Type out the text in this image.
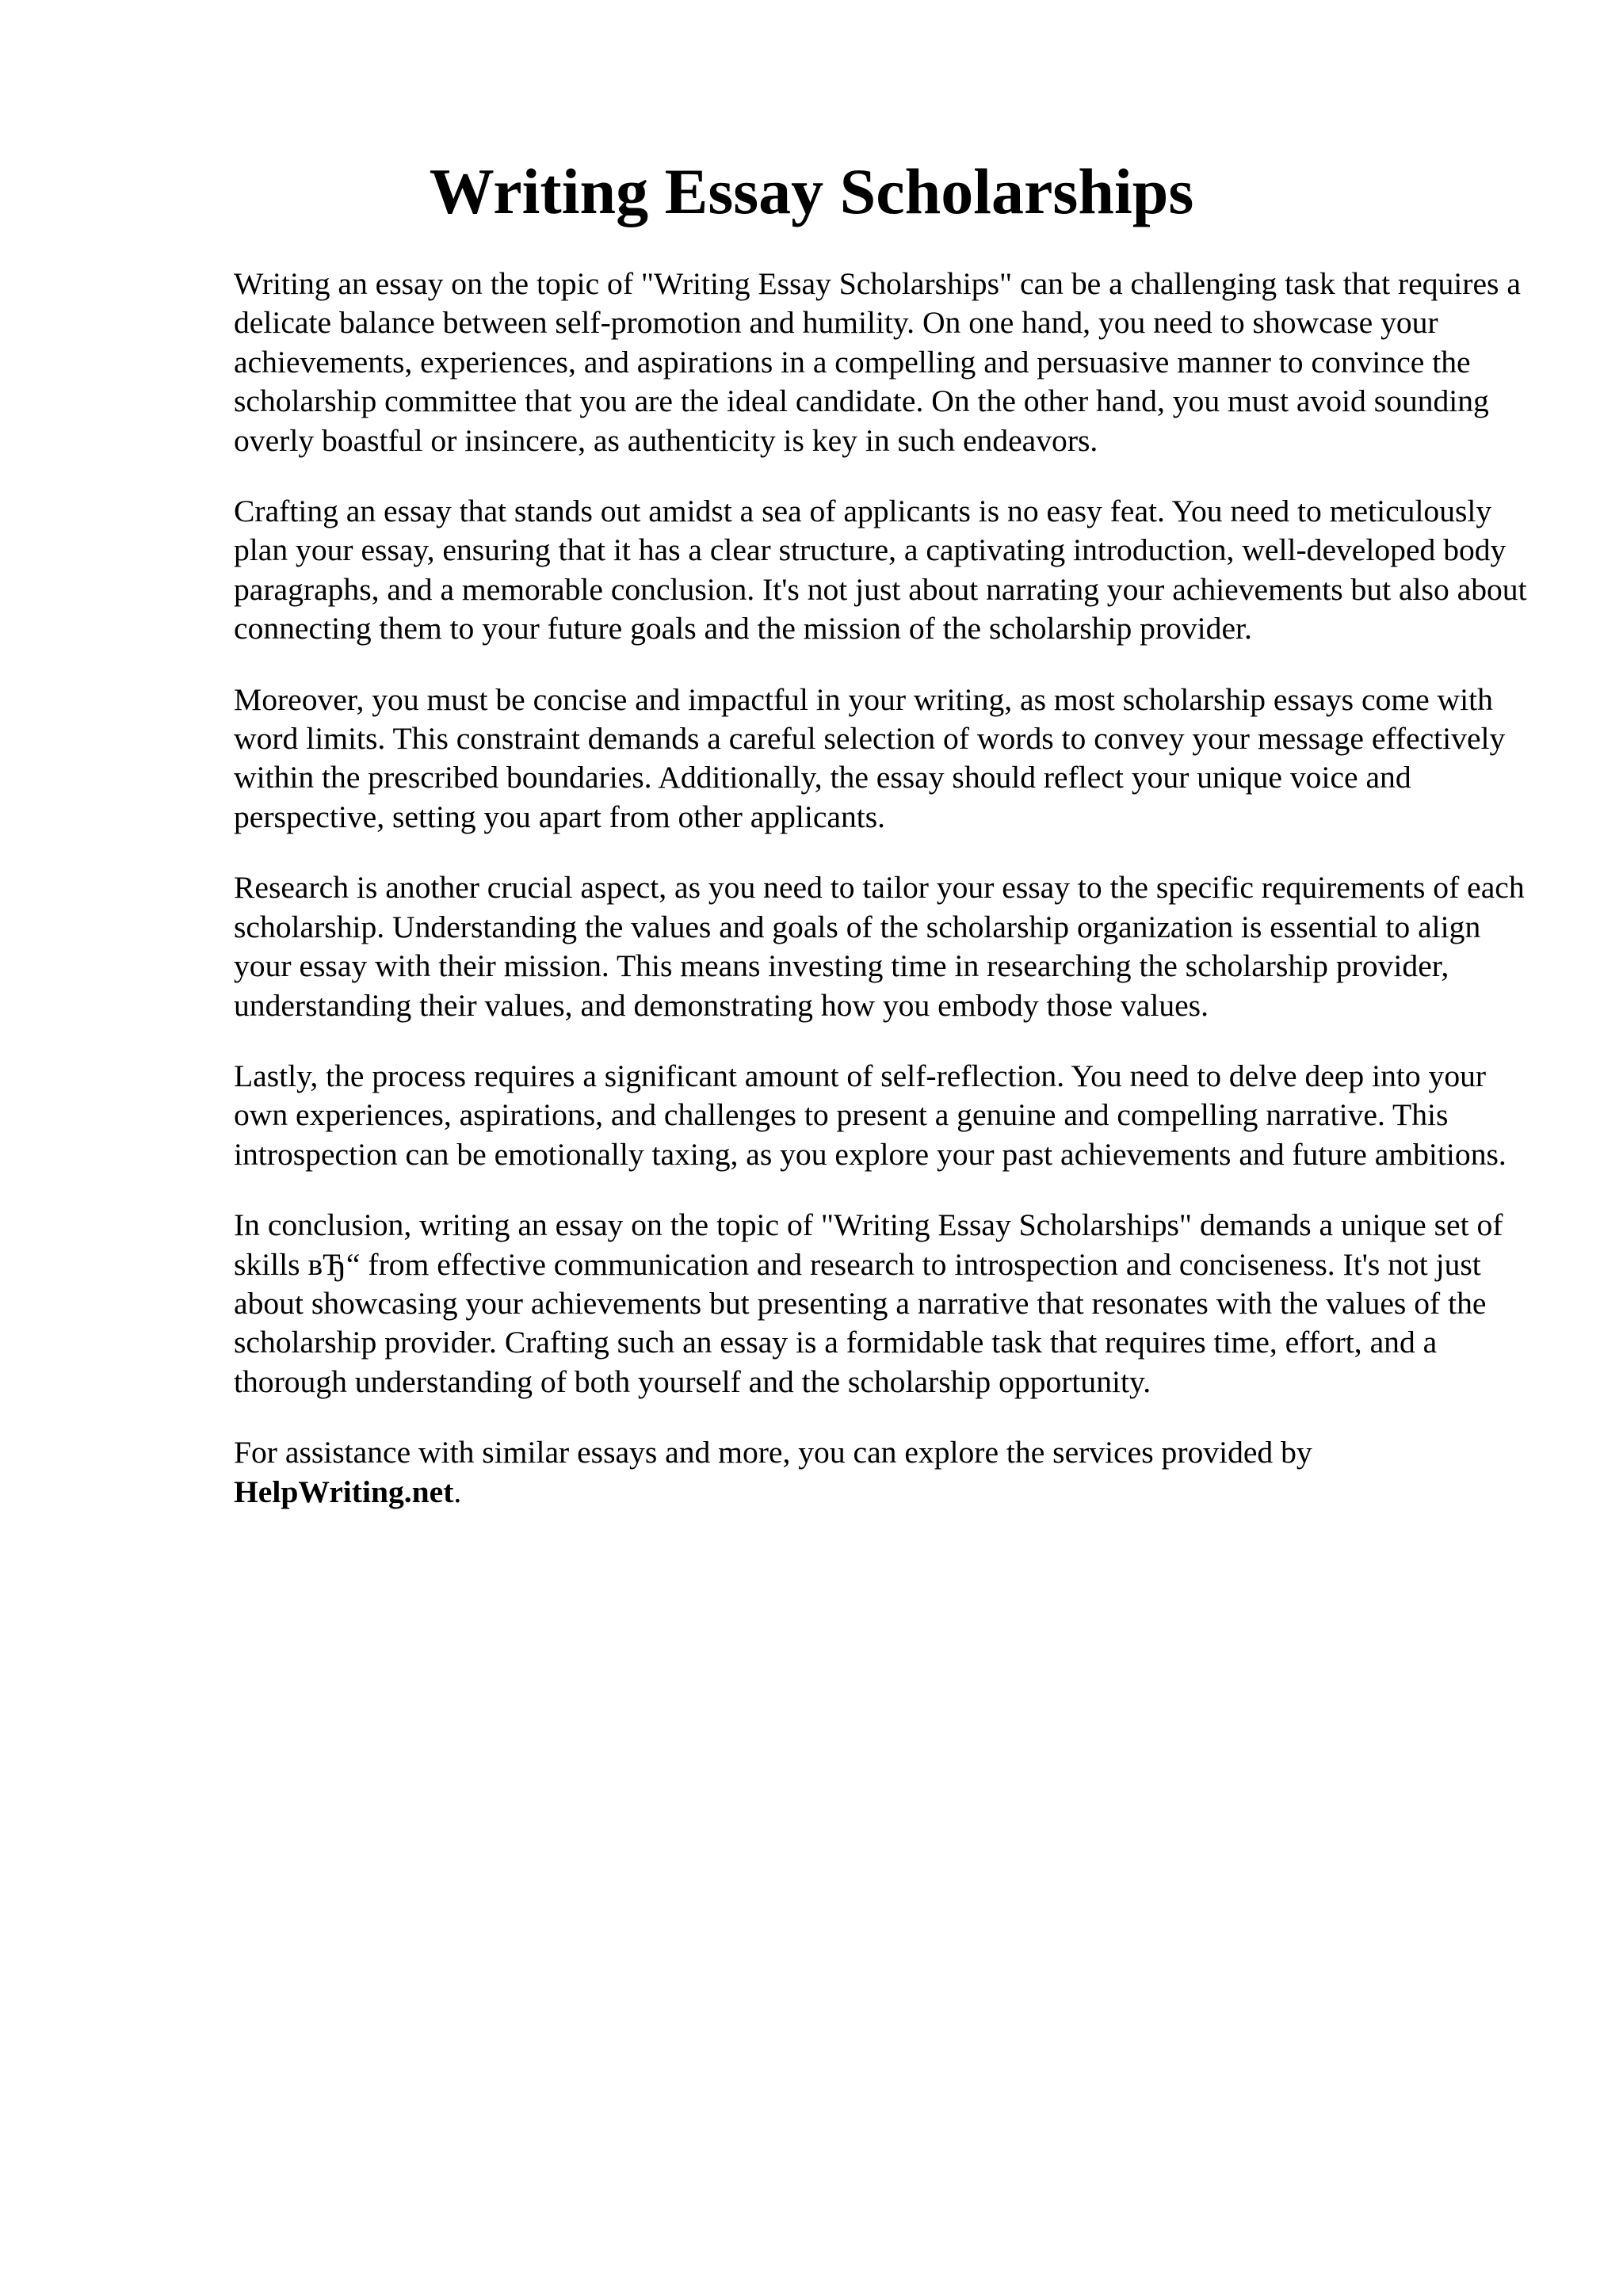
Writing Essay Scholarships

Writing an essay on the topic of "Writing Essay Scholarships" can be a challenging task that requires a delicate balance between self-promotion and humility. On one hand, you need to showcase your achievements, experiences, and aspirations in a compelling and persuasive manner to convince the scholarship committee that you are the ideal candidate. On the other hand, you must avoid sounding overly boastful or insincere, as authenticity is key in such endeavors.

Crafting an essay that stands out amidst a sea of applicants is no easy feat. You need to meticulously plan your essay, ensuring that it has a clear structure, a captivating introduction, well-developed body paragraphs, and a memorable conclusion. It's not just about narrating your achievements but also about connecting them to your future goals and the mission of the scholarship provider.

Moreover, you must be concise and impactful in your writing, as most scholarship essays come with word limits. This constraint demands a careful selection of words to convey your message effectively within the prescribed boundaries. Additionally, the essay should reflect your unique voice and perspective, setting you apart from other applicants.

Research is another crucial aspect, as you need to tailor your essay to the specific requirements of each scholarship. Understanding the values and goals of the scholarship organization is essential to align your essay with their mission. This means investing time in researching the scholarship provider, understanding their values, and demonstrating how you embody those values.

Lastly, the process requires a significant amount of self-reflection. You need to delve deep into your own experiences, aspirations, and challenges to present a genuine and compelling narrative. This introspection can be emotionally taxing, as you explore your past achievements and future ambitions.

In conclusion, writing an essay on the topic of "Writing Essay Scholarships" demands a unique set of skills вЂ“ from effective communication and research to introspection and conciseness. It's not just about showcasing your achievements but presenting a narrative that resonates with the values of the scholarship provider. Crafting such an essay is a formidable task that requires time, effort, and a thorough understanding of both yourself and the scholarship opportunity.

For assistance with similar essays and more, you can explore the services provided by HelpWriting.net.
